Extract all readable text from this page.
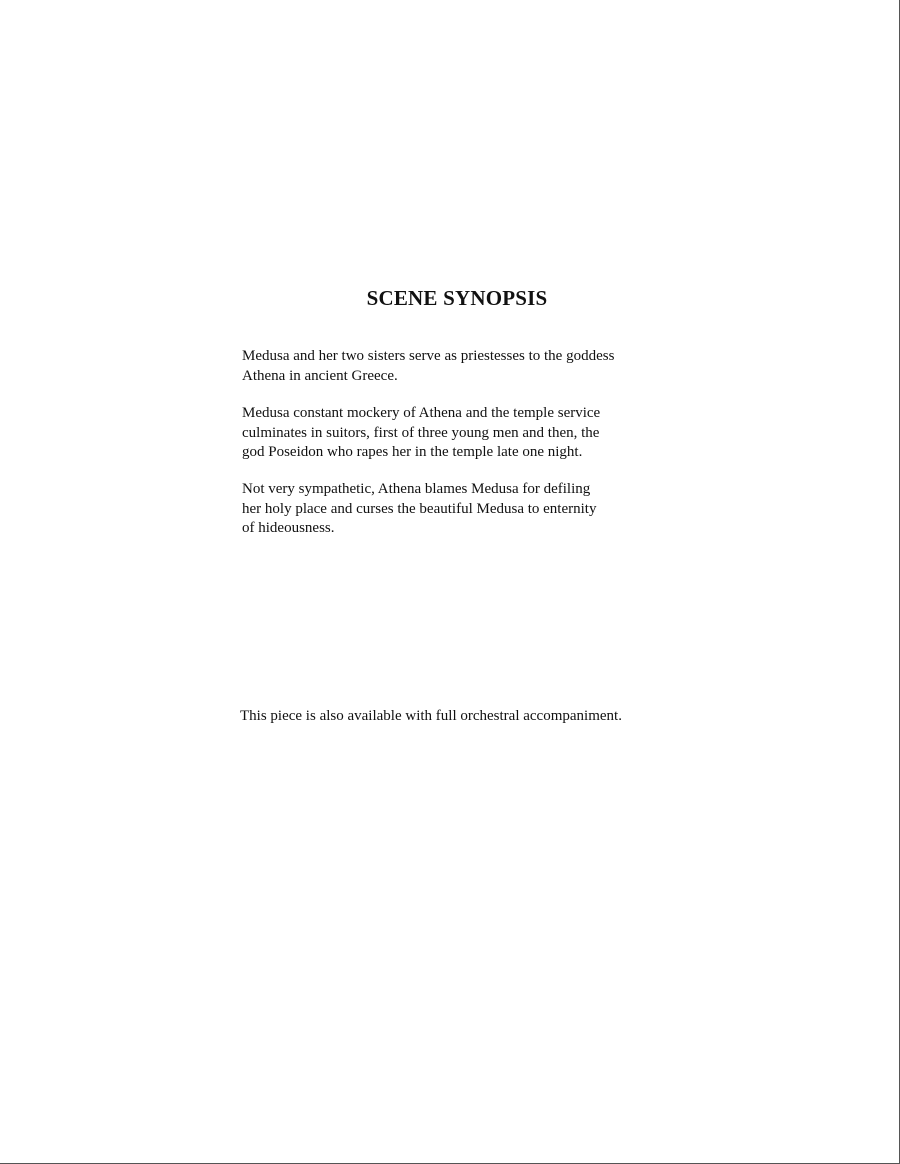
SCENE SYNOPSIS

Medusa and her two sisters serve as priestesses to the goddess
Athena in ancient Greece.

Medusa constant mockery of Athena and the temple service
culminates in suitors, first of three young men and then, the
god Poseidon who rapes her in the temple late one night.

Not very sympathetic, Athena blames Medusa for defiling
her holy place and curses the beautiful Medusa to enternity
of hideousness.

This piece is also available with full orchestral accompaniment.
